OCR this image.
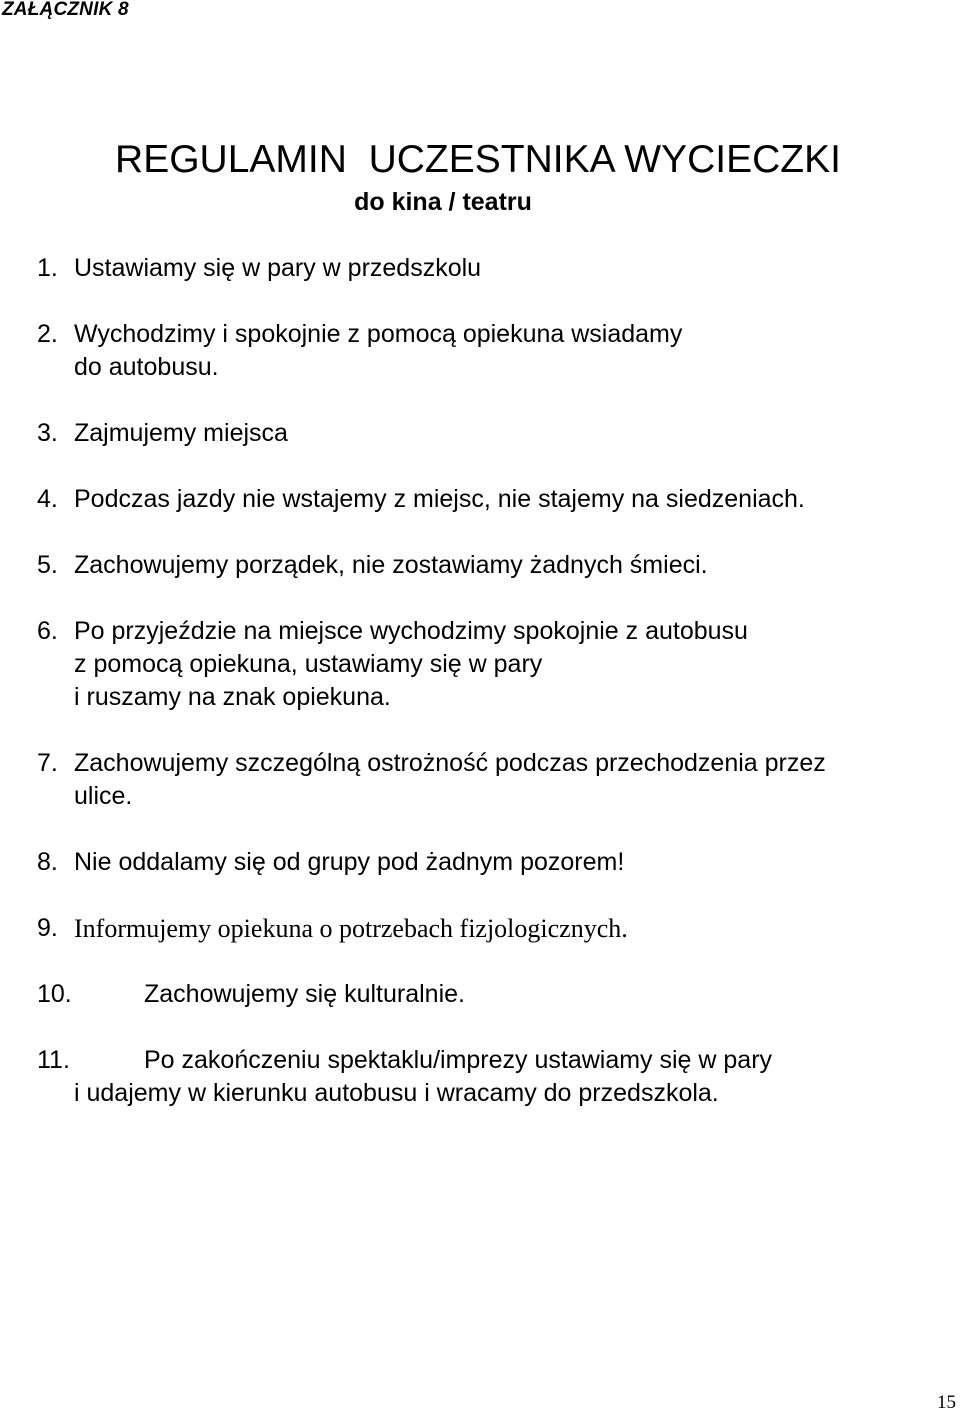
ZAŁĄCZNIK 8
REGULAMIN  UCZESTNIKA WYCIECZKI
do kina / teatru
1. Ustawiamy się w pary w przedszkolu
2. Wychodzimy i spokojnie z pomocą opiekuna wsiadamy
do autobusu.
3. Zajmujemy miejsca
4. Podczas jazdy nie wstajemy z miejsc, nie stajemy na siedzeniach.
5. Zachowujemy porządek, nie zostawiamy żadnych śmieci.
6. Po przyjeździe na miejsce wychodzimy spokojnie z autobusu
z pomocą opiekuna, ustawiamy się w pary
i ruszamy na znak opiekuna.
7. Zachowujemy szczególną ostrożność podczas przechodzenia przez
ulice.
8. Nie oddalamy się od grupy pod żadnym pozorem!
9. Informujemy opiekuna o potrzebach fizjologicznych.
10.	Zachowujemy się kulturalnie.
11.	Po zakończeniu spektaklu/imprezy ustawiamy się w pary
i udajemy w kierunku autobusu i wracamy do przedszkola.
15
